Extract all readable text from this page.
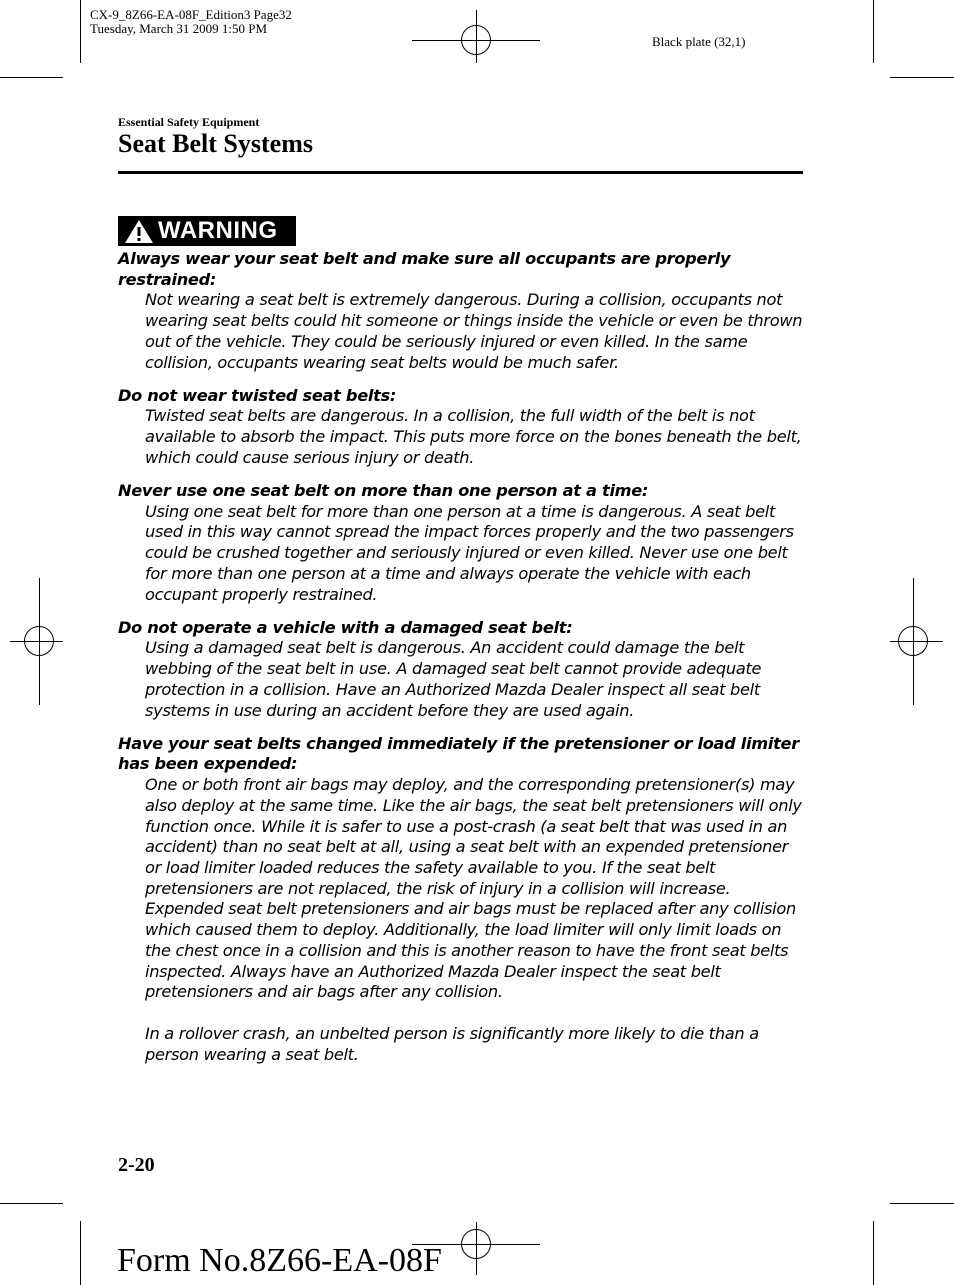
CX-9_8Z66-EA-08F_Edition3 Page32
Tuesday, March 31 2009 1:50 PM
Black plate (32,1)
Essential Safety Equipment
Seat Belt Systems
WARNING
Always wear your seat belt and make sure all occupants are properly restrained:
Not wearing a seat belt is extremely dangerous. During a collision, occupants not wearing seat belts could hit someone or things inside the vehicle or even be thrown out of the vehicle. They could be seriously injured or even killed. In the same collision, occupants wearing seat belts would be much safer.
Do not wear twisted seat belts:
Twisted seat belts are dangerous. In a collision, the full width of the belt is not available to absorb the impact. This puts more force on the bones beneath the belt, which could cause serious injury or death.
Never use one seat belt on more than one person at a time:
Using one seat belt for more than one person at a time is dangerous. A seat belt used in this way cannot spread the impact forces properly and the two passengers could be crushed together and seriously injured or even killed. Never use one belt for more than one person at a time and always operate the vehicle with each occupant properly restrained.
Do not operate a vehicle with a damaged seat belt:
Using a damaged seat belt is dangerous. An accident could damage the belt webbing of the seat belt in use. A damaged seat belt cannot provide adequate protection in a collision. Have an Authorized Mazda Dealer inspect all seat belt systems in use during an accident before they are used again.
Have your seat belts changed immediately if the pretensioner or load limiter has been expended:
One or both front air bags may deploy, and the corresponding pretensioner(s) may also deploy at the same time. Like the air bags, the seat belt pretensioners will only function once. While it is safer to use a post-crash (a seat belt that was used in an accident) than no seat belt at all, using a seat belt with an expended pretensioner or load limiter loaded reduces the safety available to you. If the seat belt pretensioners are not replaced, the risk of injury in a collision will increase. Expended seat belt pretensioners and air bags must be replaced after any collision which caused them to deploy. Additionally, the load limiter will only limit loads on the chest once in a collision and this is another reason to have the front seat belts inspected. Always have an Authorized Mazda Dealer inspect the seat belt pretensioners and air bags after any collision.
In a rollover crash, an unbelted person is significantly more likely to die than a person wearing a seat belt.
2-20
Form No.8Z66-EA-08F
